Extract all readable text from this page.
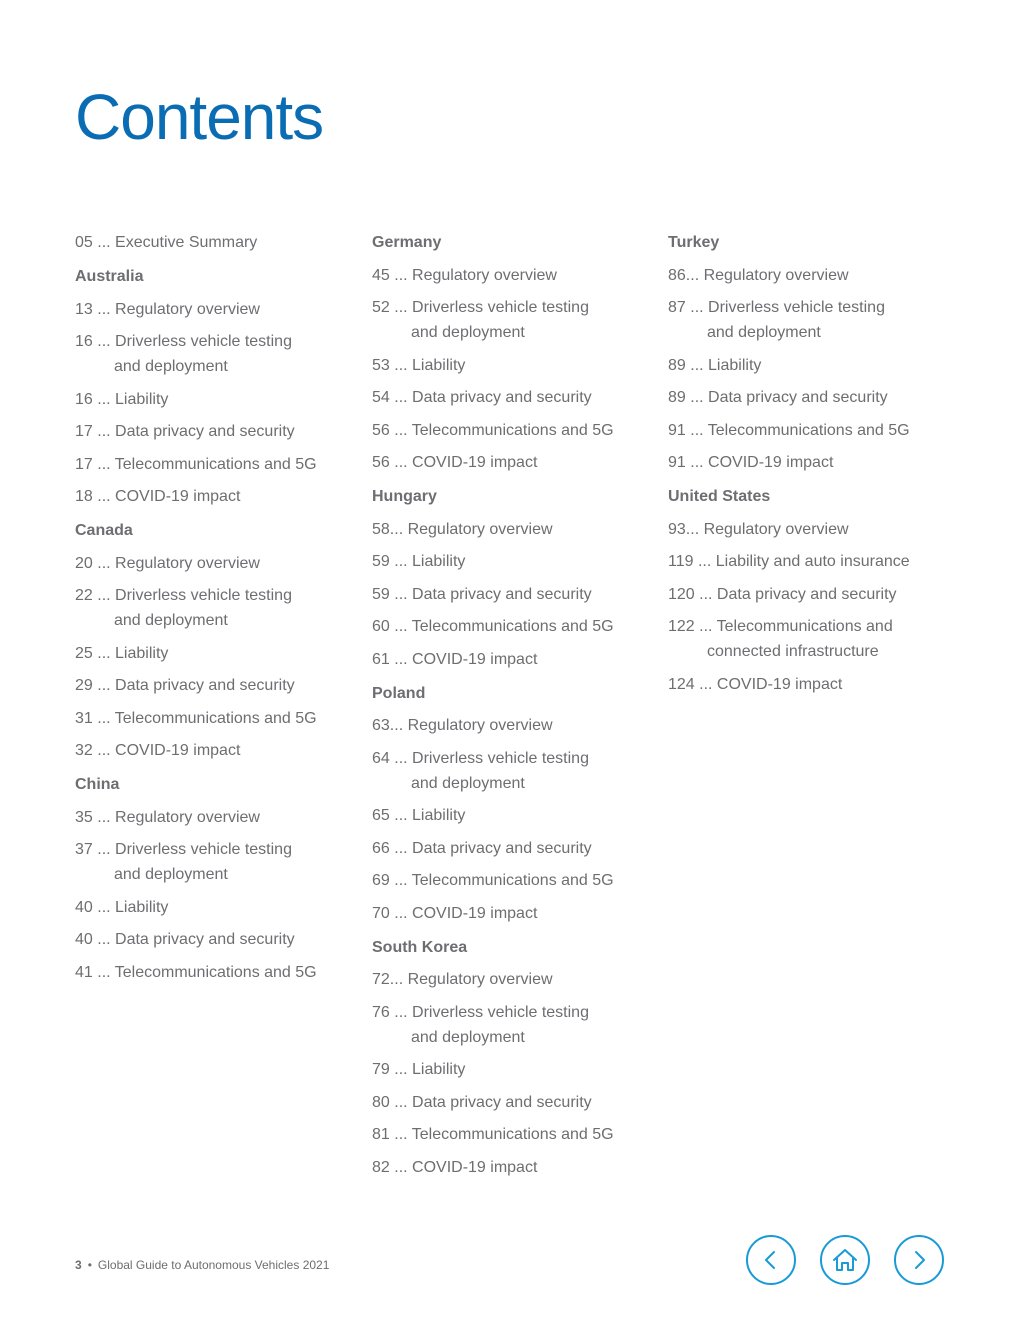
Contents
05 ... Executive Summary
Australia
13 ... Regulatory overview
16 ... Driverless vehicle testing
and deployment
16 ... Liability
17 ... Data privacy and security
17 ... Telecommunications and 5G
18 ... COVID-19 impact
Canada
20 ... Regulatory overview
22 ... Driverless vehicle testing
and deployment
25 ... Liability
29 ... Data privacy and security
31 ... Telecommunications and 5G
32 ... COVID-19 impact
China
35 ... Regulatory overview
37 ... Driverless vehicle testing
and deployment
40 ... Liability
40 ... Data privacy and security
41 ... Telecommunications and 5G
Germany
45 ... Regulatory overview
52 ... Driverless vehicle testing
and deployment
53 ... Liability
54 ... Data privacy and security
56 ... Telecommunications and 5G
56 ... COVID-19 impact
Hungary
58... Regulatory overview
59 ... Liability
59 ... Data privacy and security
60 ... Telecommunications and 5G
61 ... COVID-19 impact
Poland
63... Regulatory overview
64 ... Driverless vehicle testing
and deployment
65 ... Liability
66 ... Data privacy and security
69 ... Telecommunications and 5G
70 ... COVID-19 impact
South Korea
72... Regulatory overview
76 ... Driverless vehicle testing
and deployment
79 ... Liability
80 ... Data privacy and security
81 ... Telecommunications and 5G
82 ... COVID-19 impact
Turkey
86... Regulatory overview
87 ... Driverless vehicle testing
and deployment
89 ... Liability
89 ... Data privacy and security
91 ... Telecommunications and 5G
91 ... COVID-19 impact
United States
93... Regulatory overview
119 ... Liability and auto insurance
120 ... Data privacy and security
122 ... Telecommunications and
connected infrastructure
124 ... COVID-19 impact
3 • Global Guide to Autonomous Vehicles 2021
